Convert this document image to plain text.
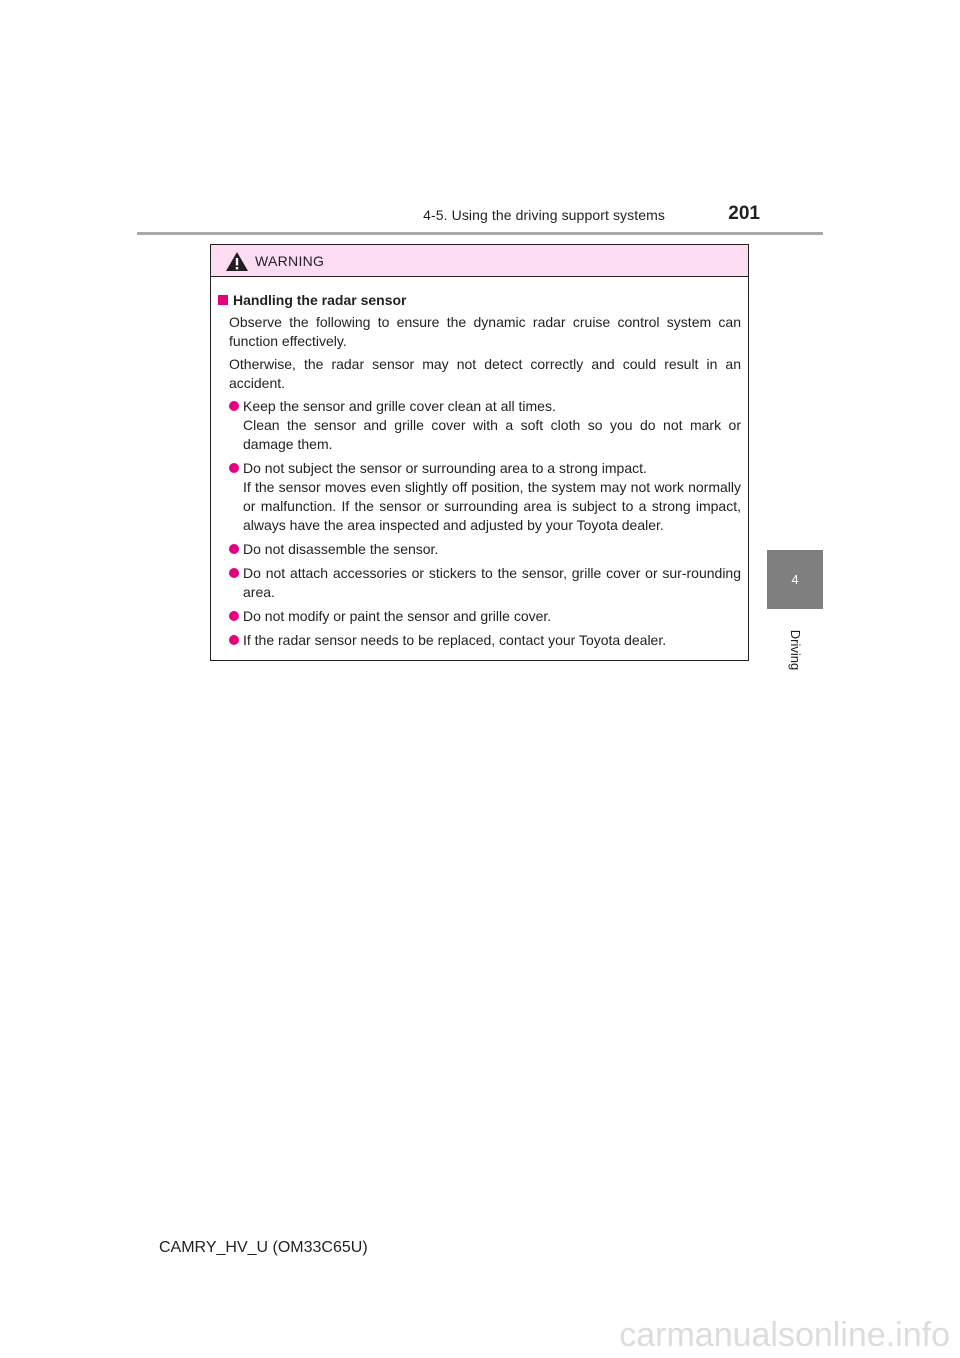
4-5. Using the driving support systems	201
4
Driving
WARNING
Handling the radar sensor
Observe the following to ensure the dynamic radar cruise control system can function effectively.
Otherwise, the radar sensor may not detect correctly and could result in an accident.
Keep the sensor and grille cover clean at all times.
Clean the sensor and grille cover with a soft cloth so you do not mark or damage them.
Do not subject the sensor or surrounding area to a strong impact.
If the sensor moves even slightly off position, the system may not work normally or malfunction. If the sensor or surrounding area is subject to a strong impact, always have the area inspected and adjusted by your Toyota dealer.
Do not disassemble the sensor.
Do not attach accessories or stickers to the sensor, grille cover or sur-rounding area.
Do not modify or paint the sensor and grille cover.
If the radar sensor needs to be replaced, contact your Toyota dealer.
CAMRY_HV_U (OM33C65U)
carmanualsonline.info
